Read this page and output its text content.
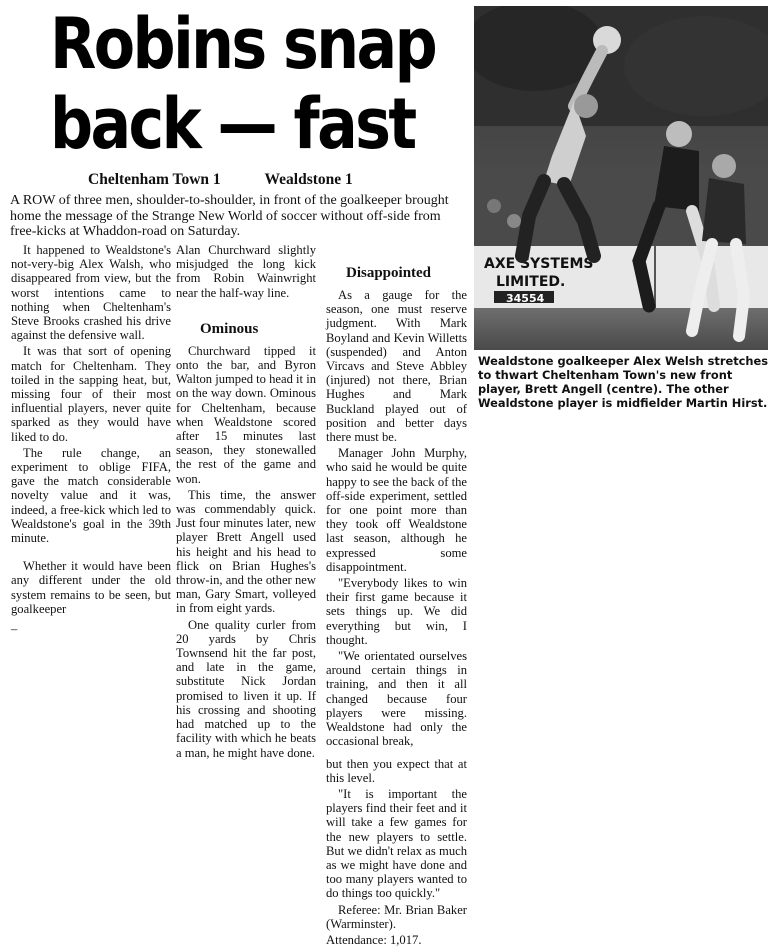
Robins snap
back — fast
Cheltenham Town 1	Wealdstone 1

A ROW of three men, shoulder-to-shoulder, in front of the goalkeeper brought home the message of the Strange New World of soccer without off-side from free-kicks at Whaddon-road on Saturday.

It happened to Wealdstone's not-very-big Alex Walsh, who disappeared from view, but the worst intentions came to nothing when Cheltenham's Steve Brooks crashed his drive against the defensive wall.

It was that sort of opening match for Cheltenham. They toiled in the sapping heat, but, missing four of their most influential players, never quite sparked as they would have liked to do.

The rule change, an experiment to oblige FIFA, gave the match considerable novelty value and it was, indeed, a free-kick which led to Wealdstone's goal in the 39th minute.

Whether it would have been any different under the old system remains to be seen, but goalkeeper

–

Alan Churchward slightly misjudged the long kick from Robin Wainwright near the half-way line.

Ominous

Churchward tipped it onto the bar, and Byron Walton jumped to head it in on the way down. Ominous for Cheltenham, because when Wealdstone scored after 15 minutes last season, they stonewalled the rest of the game and won.

This time, the answer was commendably quick. Just four minutes later, new player Brett Angell used his height and his head to flick on Brian Hughes's throw-in, and the other new man, Gary Smart, volleyed in from eight yards.

One quality curler from 20 yards by Chris Townsend hit the far post, and late in the game, substitute Nick Jordan promised to liven it up. If his crossing and shooting had matched up to the facility with which he beats a man, he might have done.

Disappointed

As a gauge for the season, one must reserve judgment. With Mark Boyland and Kevin Willetts (suspended) and Anton Vircavs and Steve Abbley (injured) not there, Brian Hughes and Mark Buckland played out of position and better days there must be.

Manager John Murphy, who said he would be quite happy to see the back of the off-side experiment, settled for one point more than they took off Wealdstone last season, although he expressed some disappointment.

"Everybody likes to win their first game because it sets things up. We did everything but win, I thought.

"We orientated ourselves around certain things in training, and then it all changed because four players were missing. Wealdstone had only the occasional break,

but then you expect that at this level.

"It is important the players find their feet and it will take a few games for the new players to settle. But we didn't relax as much as we might have done and too many players wanted to do things too quickly."

Referee: Mr. Brian Baker (Warminster).

Attendance: 1,017.

AXE SYSTEMS
LIMITED.
34554

Wealdstone goalkeeper Alex Welsh stretches to thwart Cheltenham Town's new front player, Brett Angell (centre). The other Wealdstone player is midfielder Martin Hirst.
